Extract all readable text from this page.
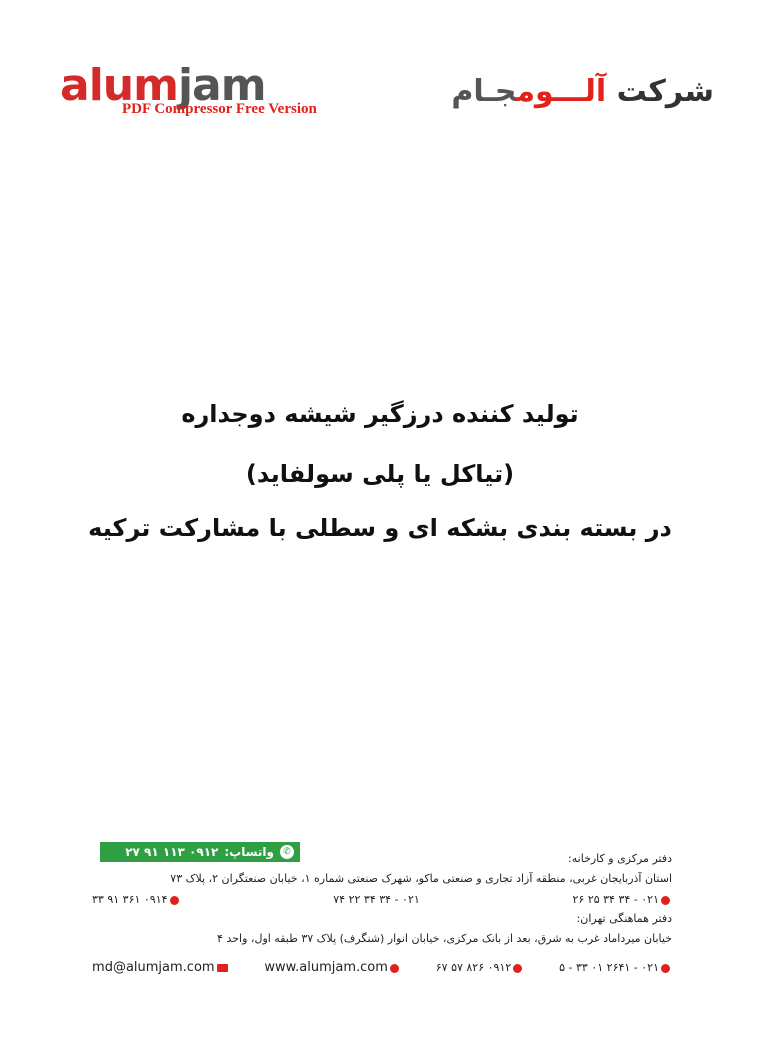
alumjam
PDF Compressor Free Version	شرکت آلـــومجـام
تولید کننده درزگیر شیشه دوجداره
(تیاکل یا پلی سولفاید)
در بسته بندی بشکه ای و سطلی با مشارکت ترکیه
✆
واتساپ:
۰۹۱۲ ۱۱۳ ۹۱ ۲۷	دفتر مرکزی و کارخانه:
استان آذربایجان غربی، منطقه آزاد تجاری و صنعتی ماکو، شهرک صنعتی شماره ۱، خیابان صنعتگران ۲، پلاک ۷۳
۰۲۱ - ۳۴ ۳۴ ۲۵ ۲۶
۰۲۱ - ۳۴ ۳۴ ۲۲ ۷۴
۰۹۱۴ ۳۶۱ ۹۱ ۳۳
دفتر هماهنگی تهران:
خیابان میرداماد غرب به شرق، بعد از بانک مرکزی، خیابان انوار (شنگرف) پلاک ۳۷ طبقه اول، واحد ۴
۰۲۱ - ۲۶۴۱ ۰۱ ۳۳ - ۵
۰۹۱۲ ۸۲۶ ۵۷ ۶۷
www.alumjam.com
md@alumjam.com
